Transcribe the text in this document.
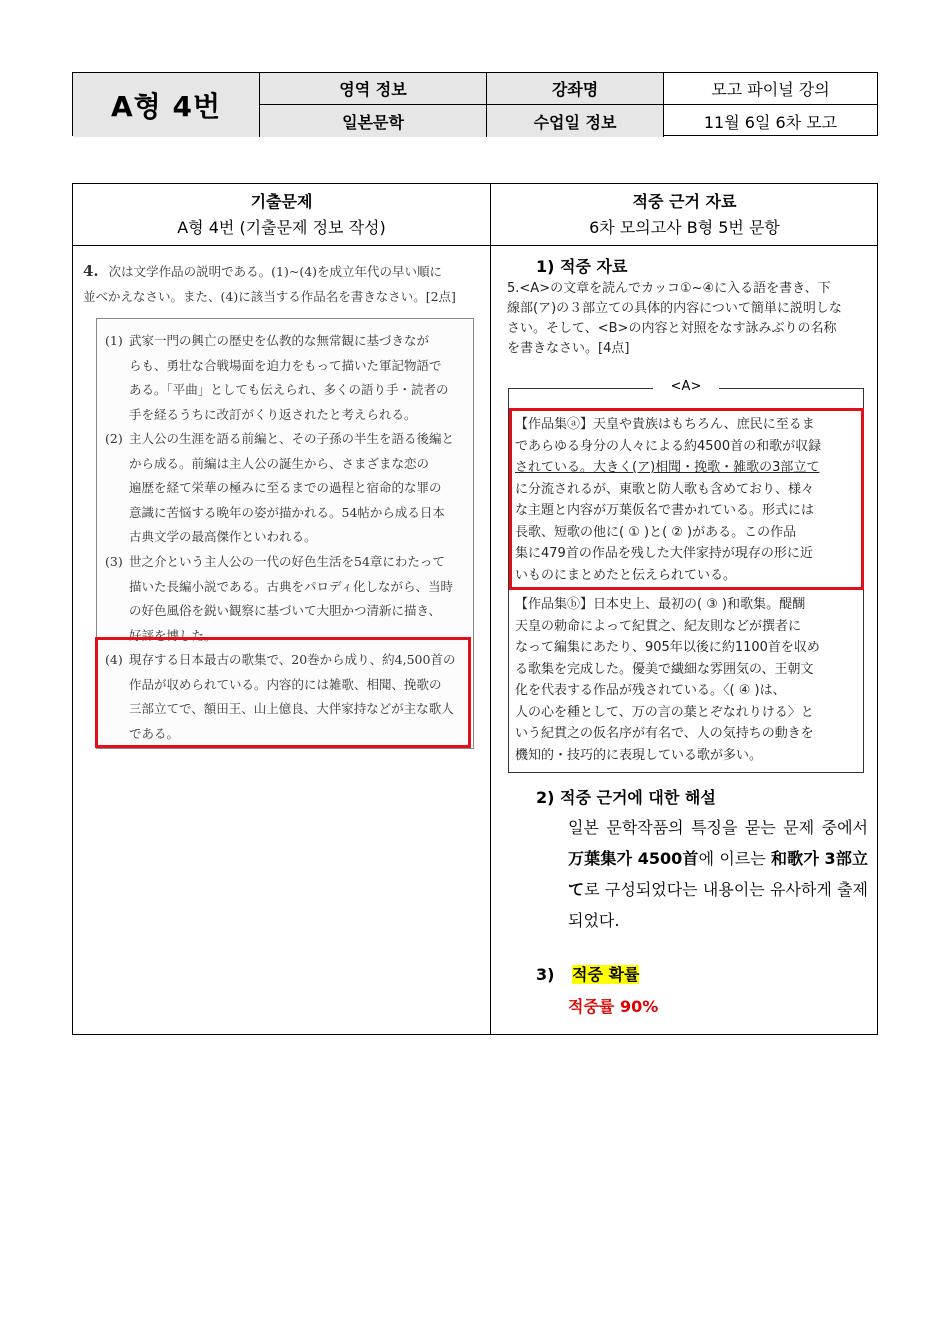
A형 4번
영역 정보	강좌명	모고 파이널 강의
일본문학	수업일 정보	11월 6일 6차 모고
기출문제
A형 4번 (기출문제 정보 작성)
적중 근거 자료
6차 모의고사 B형 5번 문항
4. 次は文学作品の説明である。(1)~(4)を成立年代の早い順に
並べかえなさい。また、(4)に該当する作品名を書きなさい。[2点]
(1) 武家一門の興亡の歴史を仏教的な無常観に基づきなが
らも、勇壮な合戦場面を迫力をもって描いた軍記物語で
ある。「平曲」としても伝えられ、多くの語り手・読者の
手を経るうちに改訂がくり返されたと考えられる。
(2) 主人公の生涯を語る前編と、その子孫の半生を語る後編と
から成る。前編は主人公の誕生から、さまざまな恋の
遍歴を経て栄華の極みに至るまでの過程と宿命的な罪の
意識に苦悩する晩年の姿が描かれる。54帖から成る日本
古典文学の最高傑作といわれる。
(3) 世之介という主人公の一代の好色生活を54章にわたって
描いた長編小説である。古典をパロディ化しながら、当時
の好色風俗を鋭い観察に基づいて大胆かつ清新に描き、
好評を博した。
(4) 現存する日本最古の歌集で、20巻から成り、約4,500首の
作品が収められている。内容的には雑歌、相聞、挽歌の
三部立てで、額田王、山上億良、大伴家持などが主な歌人
である。
1) 적중 자료
5.<A>の文章を読んでカッコ①~④に入る語を書き、下
線部(ア)の３部立ての具体的内容について簡単に説明しな
さい。そして、<B>の内容と対照をなす詠みぶりの名称
を書きなさい。[4点]
<A>
【作品集ⓐ】天皇や貴族はもちろん、庶民に至るま
であらゆる身分の人々による約4500首の和歌が収録
されている。大きく(ア)相聞・挽歌・雑歌の3部立て
に分流されるが、東歌と防人歌も含めており、様々
な主題と内容が万葉仮名で書かれている。形式には
長歌、短歌の他に( ① )と( ② )がある。この作品
集に479首の作品を残した大伴家持が現存の形に近
いものにまとめたと伝えられている。
【作品集ⓑ】日本史上、最初の( ③ )和歌集。醍醐
天皇の勅命によって紀貫之、紀友則などが撰者に
なって編集にあたり、905年以後に約1100首を収め
る歌集を完成した。優美で繊細な雰囲気の、王朝文
化を代表する作品が残されている。〈( ④ )は、
人の心を種として、万の言の葉とぞなれりける〉と
いう紀貫之の仮名序が有名で、人の気持ちの動きを
機知的・技巧的に表現している歌が多い。
2) 적중 근거에 대한 해설
일본 문학작품의 특징을 묻는 문제 중에서 万葉集가 4500首에 이르는 和歌가 3部立て로 구성되었다는 내용이는 유사하게 출제되었다.
3) 적중 확률
적중률 90%
